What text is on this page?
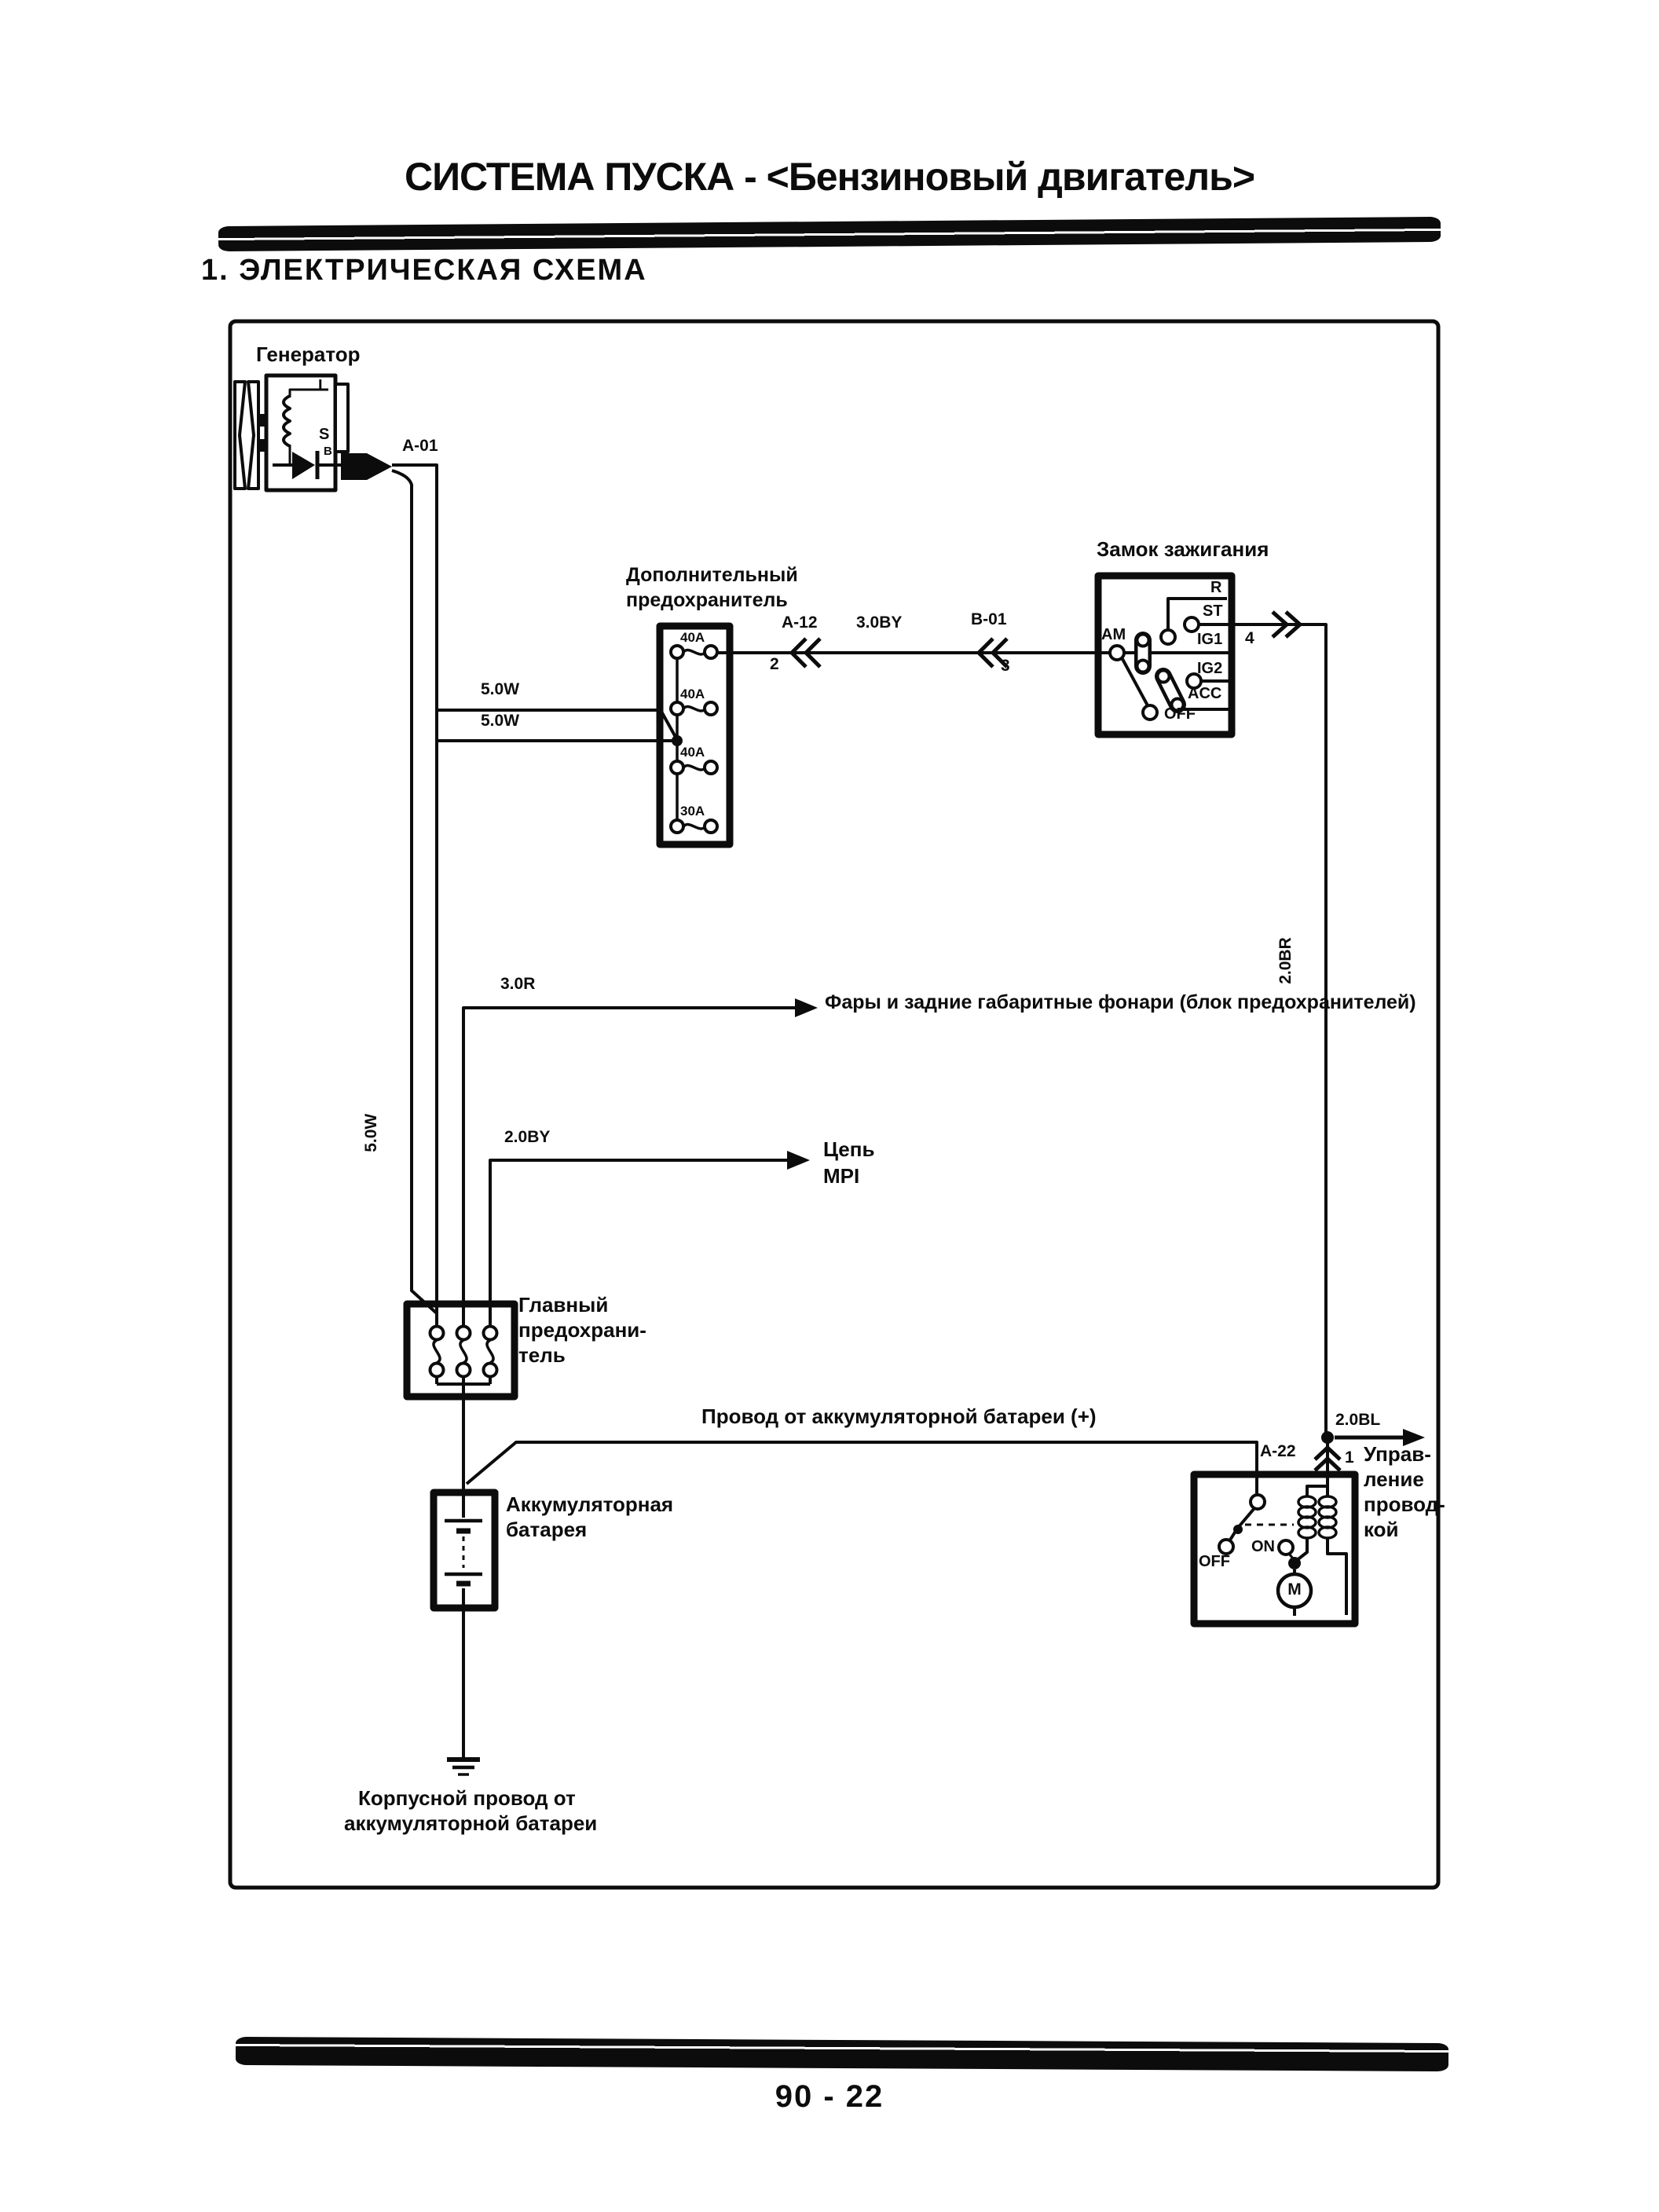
СИСТЕМА ПУСКА - <Бензиновый двигатель>
1. ЭЛЕКТРИЧЕСКАЯ СХЕМА
Генератор
L
S
B	A-01
5.0W
5.0W
5.0W
Дополнительный
предохранитель
40A
40A
40A
30A
A-12
2
3.0BY	B-01
3
Замок зажигания
R
ST
IG1
IG2
ACC
AM
OFF
4
2.0BR
3.0R
Фары и задние габаритные фонари (блок предохранителей)
2.0BY
Цепь
MPI
Главный
предохрани-
тель
Провод от аккумуляторной батареи (+)
A-22
2.0BL
1 Управ-
ление
провод-
кой
OFF
ON
M
Аккумуляторная
батарея
Корпусной провод от
аккумуляторной батареи
90 - 22
